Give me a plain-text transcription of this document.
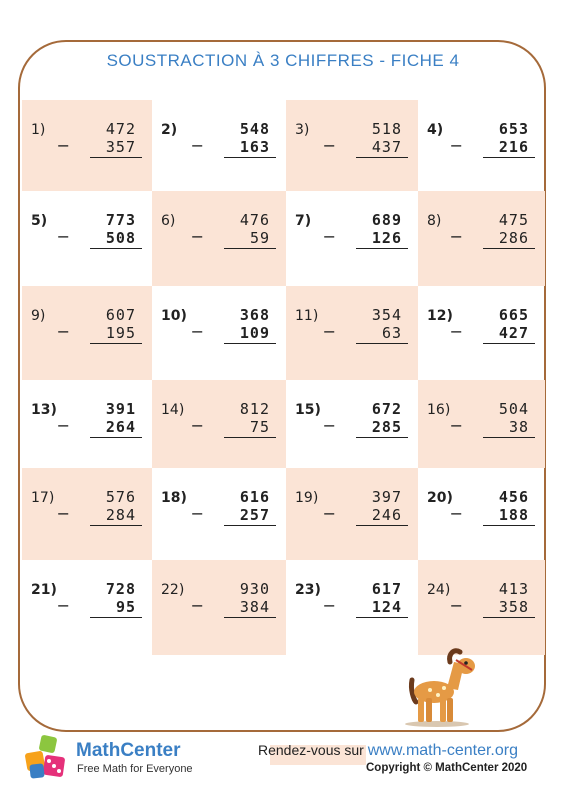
SOUSTRACTION À 3 CHIFFRES - FICHE 4
1)	472
−	357
2)	548
−	163
3)	518
−	437
4)	653
−	216
5)	773
−	508
6)	476
−	59
7)	689
−	126
8)	475
−	286
9)	607
−	195
10)	368
−	109
11)	354
−	63
12)	665
−	427
13)	391
−	264
14)	812
−	75
15)	672
−	285
16)	504
−	38
17)	576
−	284
18)	616
−	257
19)	397
−	246
20)	456
−	188
21)	728
−	95
22)	930
−	384
23)	617
−	124
24)	413
−	358
MathCenter
Free Math for Everyone
Rendez-vous sur www.math-center.org
Copyright © MathCenter 2020
